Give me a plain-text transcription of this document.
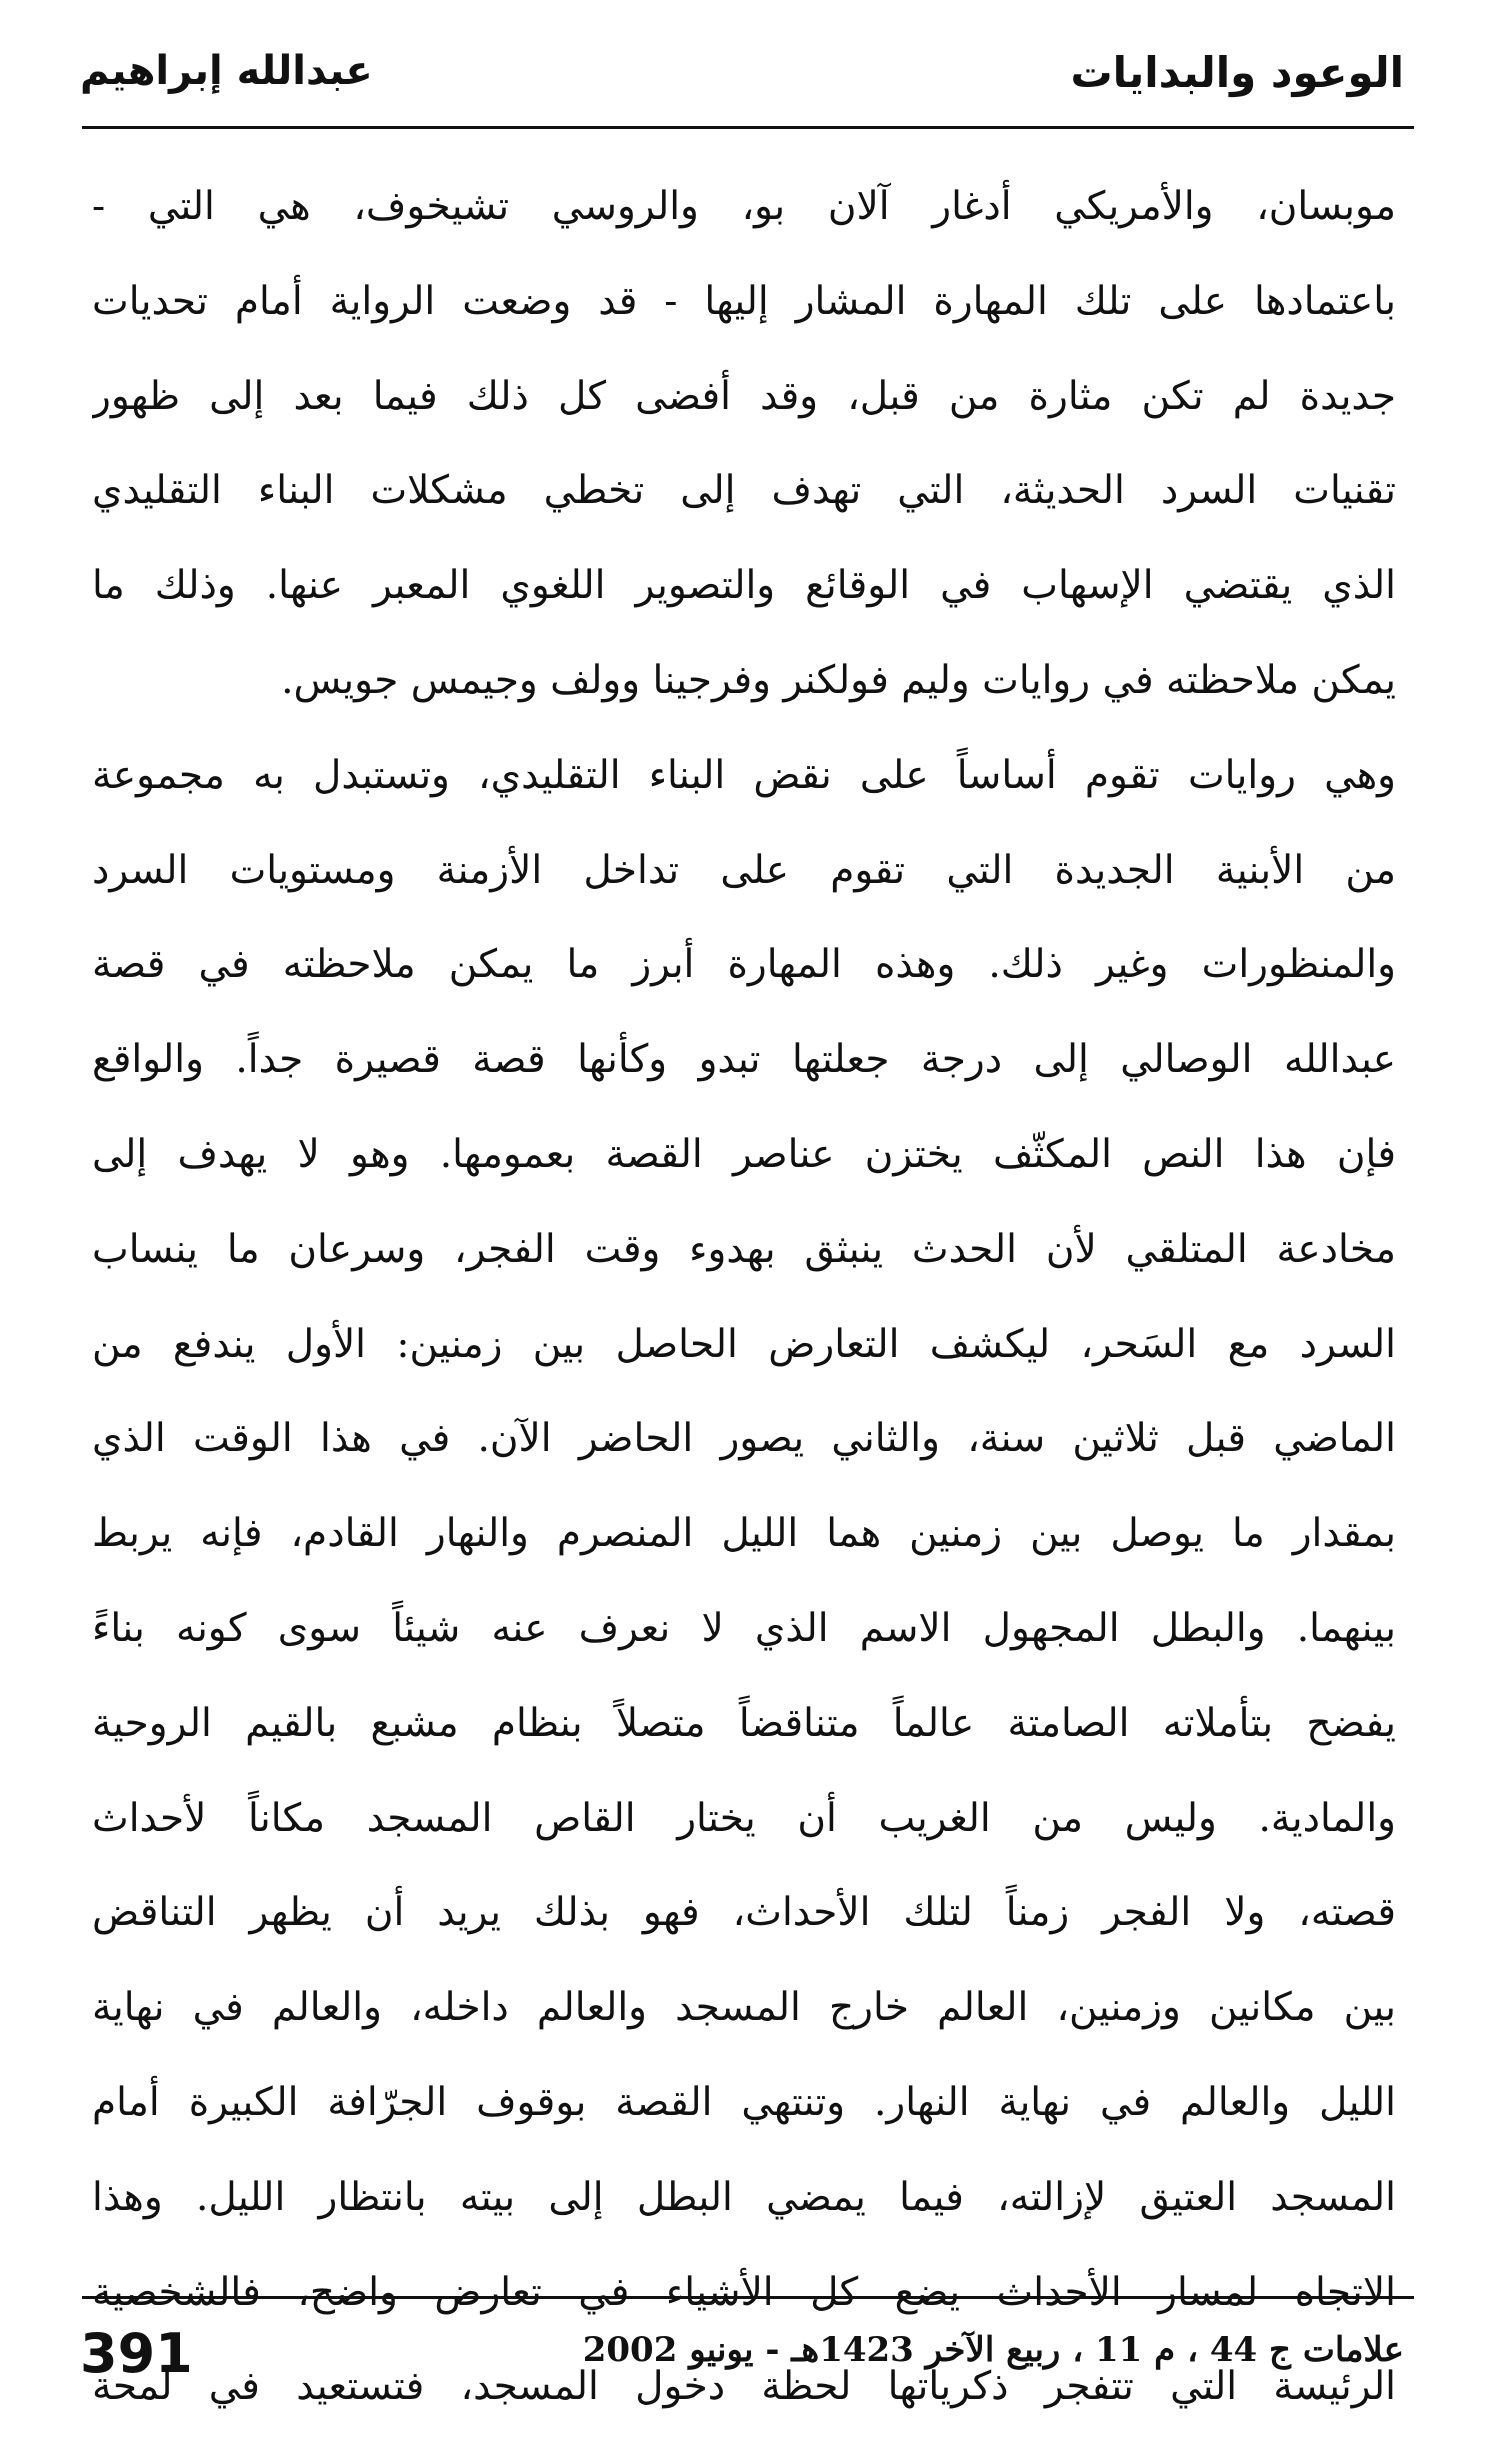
الوعود والبدايات
عبدالله إبراهيم
موبسان، والأمريكي أدغار آلان بو، والروسي تشيخوف، هي التي -
باعتمادها على تلك المهارة المشار إليها - قد وضعت الرواية أمام تحديات
جديدة لم تكن مثارة من قبل، وقد أفضى كل ذلك فيما بعد إلى ظهور
تقنيات السرد الحديثة، التي تهدف إلى تخطي مشكلات البناء التقليدي
الذي يقتضي الإسهاب في الوقائع والتصوير اللغوي المعبر عنها. وذلك ما
يمكن ملاحظته في روايات وليم فولكنر وفرجينا وولف وجيمس جويس.
وهي روايات تقوم أساساً على نقض البناء التقليدي، وتستبدل به مجموعة
من الأبنية الجديدة التي تقوم على تداخل الأزمنة ومستويات السرد
والمنظورات وغير ذلك. وهذه المهارة أبرز ما يمكن ملاحظته في قصة
عبدالله الوصالي إلى درجة جعلتها تبدو وكأنها قصة قصيرة جداً. والواقع
فإن هذا النص المكثّف يختزن عناصر القصة بعمومها. وهو لا يهدف إلى
مخادعة المتلقي لأن الحدث ينبثق بهدوء وقت الفجر، وسرعان ما ينساب
السرد مع السَحر، ليكشف التعارض الحاصل بين زمنين: الأول يندفع من
الماضي قبل ثلاثين سنة، والثاني يصور الحاضر الآن. في هذا الوقت الذي
بمقدار ما يوصل بين زمنين هما الليل المنصرم والنهار القادم، فإنه يربط
بينهما. والبطل المجهول الاسم الذي لا نعرف عنه شيئاً سوى كونه بناءً
يفضح بتأملاته الصامتة عالماً متناقضاً متصلاً بنظام مشبع بالقيم الروحية
والمادية. وليس من الغريب أن يختار القاص المسجد مكاناً لأحداث
قصته، ولا الفجر زمناً لتلك الأحداث، فهو بذلك يريد أن يظهر التناقض
بين مكانين وزمنين، العالم خارج المسجد والعالم داخله، والعالم في نهاية
الليل والعالم في نهاية النهار. وتنتهي القصة بوقوف الجرّافة الكبيرة أمام
المسجد العتيق لإزالته، فيما يمضي البطل إلى بيته بانتظار الليل. وهذا
الاتجاه لمسار الأحداث يضع كل الأشياء في تعارض واضح، فالشخصية
الرئيسة التي تتفجر ذكرياتها لحظة دخول المسجد، فتستعيد في لمحة
391	علامات ج 44 ، م 11 ، ربيع الآخر 1423هـ - يونيو 2002
